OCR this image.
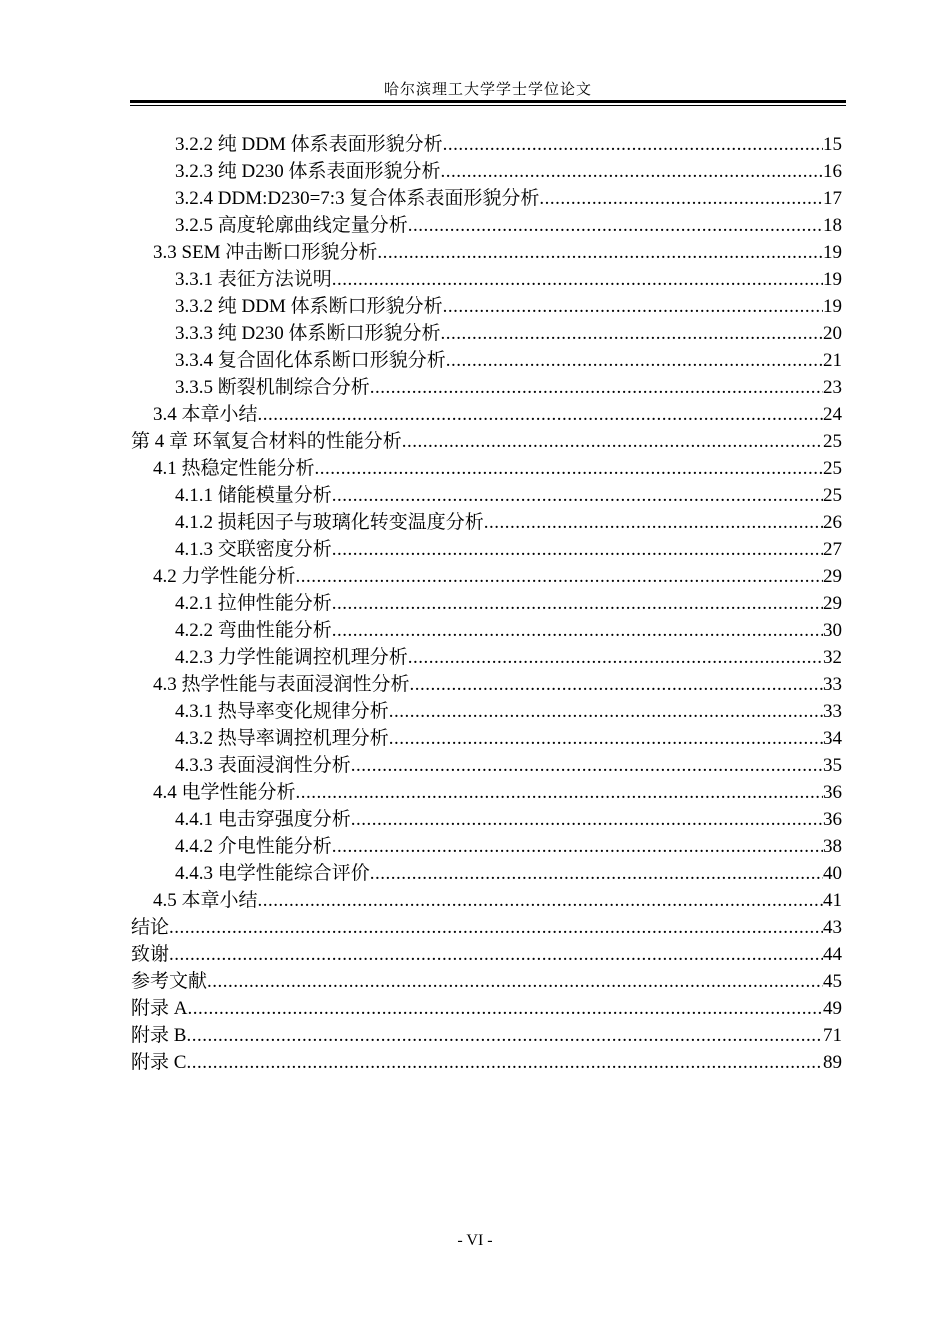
哈尔滨理工大学学士学位论文
3.2.2 纯 DDM 体系表面形貌分析 .....	15
3.2.3 纯 D230 体系表面形貌分析 .....	16
3.2.4 DDM:D230=7:3 复合体系表面形貌分析 .....	17
3.2.5 高度轮廓曲线定量分析 .....	18
3.3 SEM 冲击断口形貌分析 .....	19
3.3.1 表征方法说明 .....	19
3.3.2 纯 DDM 体系断口形貌分析 .....	19
3.3.3 纯 D230 体系断口形貌分析 .....	20
3.3.4 复合固化体系断口形貌分析 .....	21
3.3.5 断裂机制综合分析 .....	23
3.4 本章小结 .....	24
第 4 章 环氧复合材料的性能分析 .....	25
4.1 热稳定性能分析 .....	25
4.1.1 储能模量分析 .....	25
4.1.2 损耗因子与玻璃化转变温度分析 .....	26
4.1.3 交联密度分析 .....	27
4.2 力学性能分析 .....	29
4.2.1 拉伸性能分析 .....	29
4.2.2 弯曲性能分析 .....	30
4.2.3 力学性能调控机理分析 .....	32
4.3 热学性能与表面浸润性分析 .....	33
4.3.1 热导率变化规律分析 .....	33
4.3.2 热导率调控机理分析 .....	34
4.3.3 表面浸润性分析 .....	35
4.4 电学性能分析 .....	36
4.4.1 电击穿强度分析 .....	36
4.4.2 介电性能分析 .....	38
4.4.3 电学性能综合评价 .....	40
4.5 本章小结 .....	41
结论 .....	43
致谢 .....	44
参考文献 .....	45
附录 A .....	49
附录 B .....	71
附录 C .....	89
- VI -
